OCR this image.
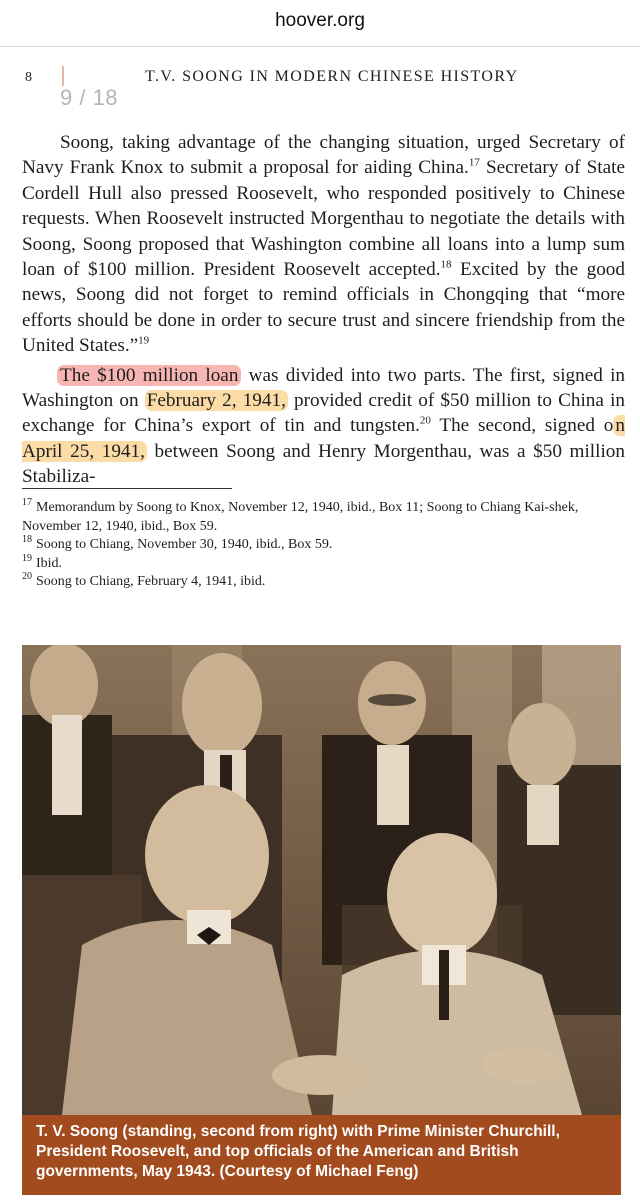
hoover.org
8
9 / 18
T.V. SOONG IN MODERN CHINESE HISTORY

Soong, taking advantage of the changing situation, urged Secretary of Navy Frank Knox to submit a proposal for aiding China.$^{17}$ Secretary of State Cordell Hull also pressed Roosevelt, who responded positively to Chinese requests. When Roosevelt instructed Morgenthau to negotiate the details with Soong, Soong proposed that Washington combine all loans into a lump sum loan of $100 million. President Roosevelt accepted.$^{18}$ Excited by the good news, Soong did not forget to remind officials in Chongqing that “more efforts should be done in order to secure trust and sincere friendship from the United States.”$^{19}$

The $100 million loan was divided into two parts. The first, signed in Washington on February 2, 1941, provided credit of $50 million to China in exchange for China’s export of tin and tungsten.$^{20}$ The second, signed o n April 25, 1941, between Soong and Henry Morgenthau, was a $50 million Stabiliza-

$^{17}$ Memorandum by Soong to Knox, November 12, 1940, ibid., Box 11; Soong to Chiang Kai-shek, November 12, 1940, ibid., Box 59.

$^{18}$ Soong to Chiang, November 30, 1940, ibid., Box 59.

$^{19}$ Ibid.

$^{20}$ Soong to Chiang, February 4, 1941, ibid.

T. V. Soong (standing, second from right) with Prime Minister Churchill, President Roosevelt, and top officials of the American and British governments, May 1943. (Courtesy of Michael Feng)
